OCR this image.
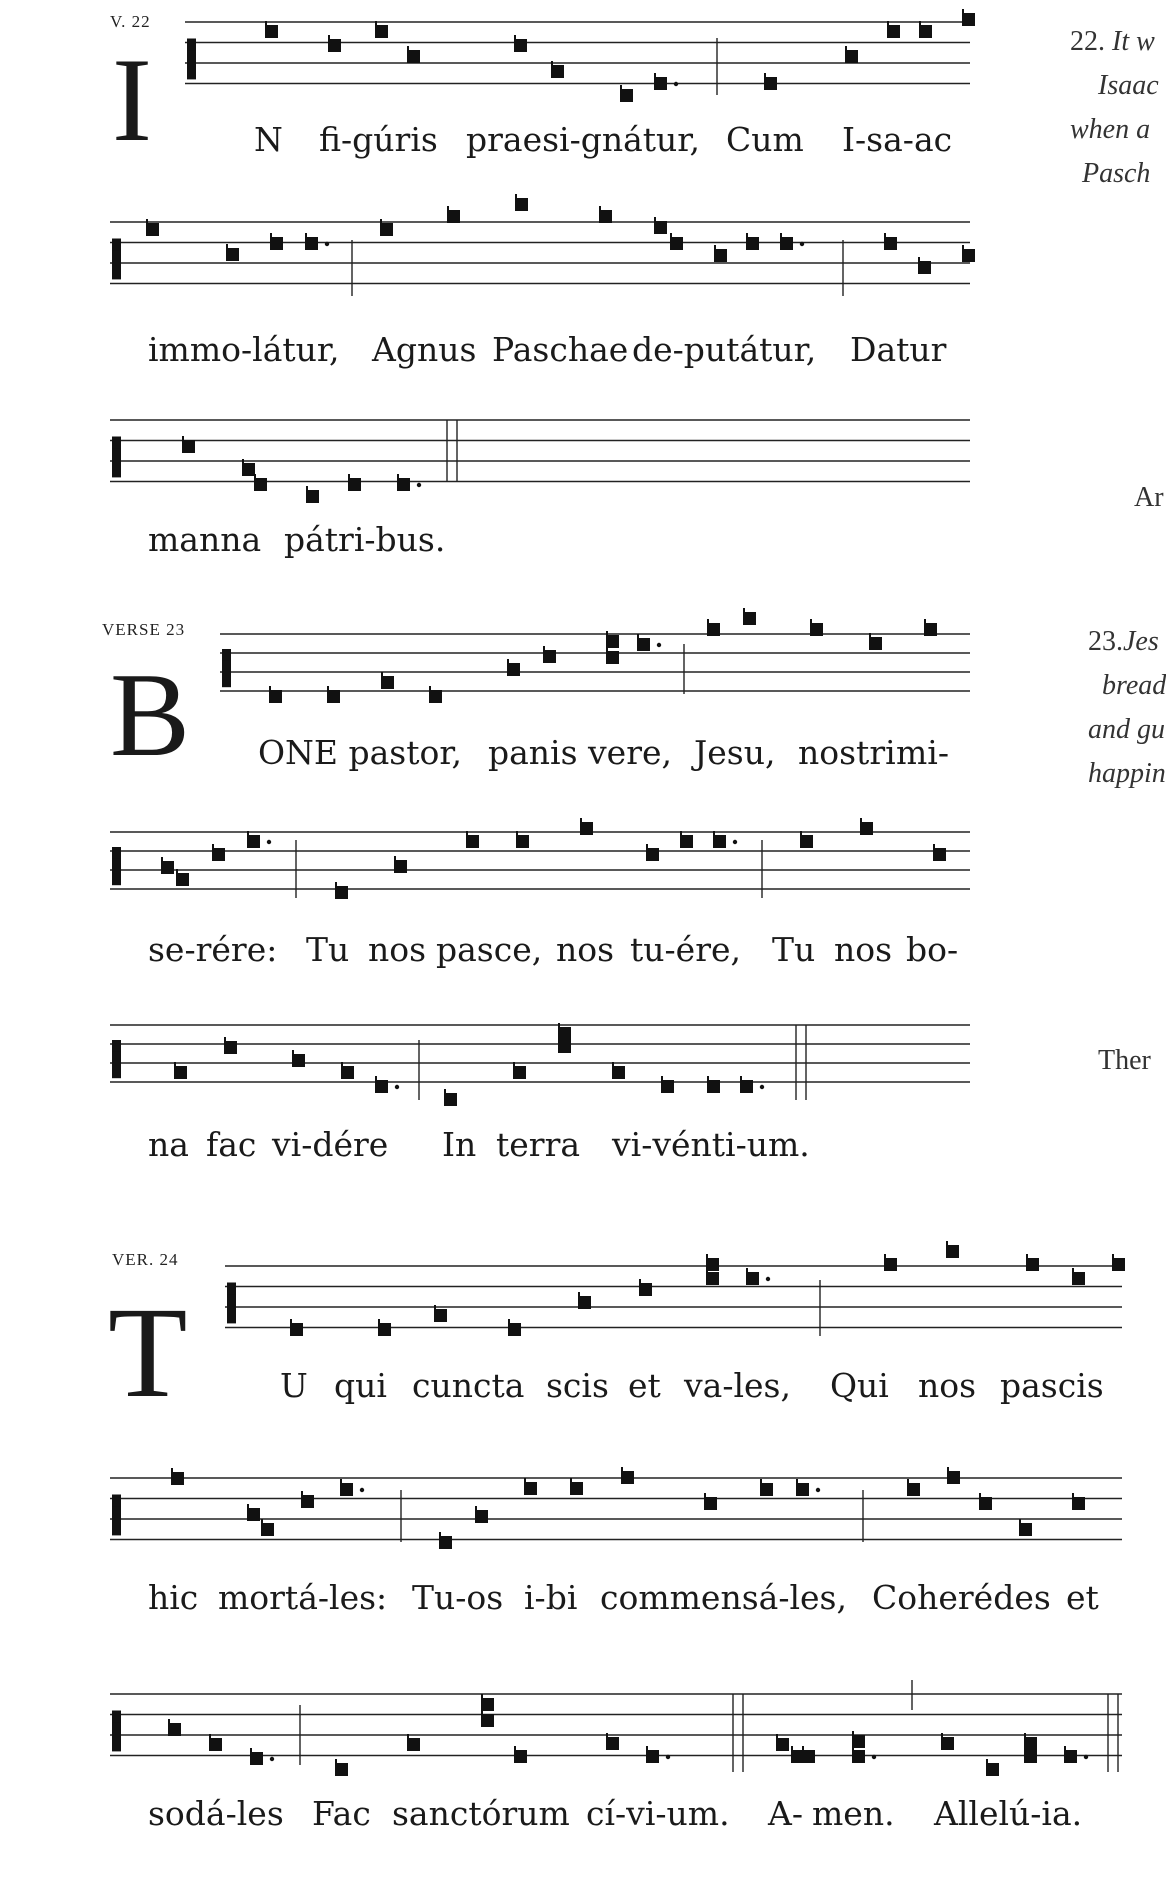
V. 22
I
VERSE 23
B
VER. 24
T
N fi-gúris praesi-gnátur, Cum I-sa-ac
immo-látur, Agnus Paschae de-putátur, Datur
manna pátri-bus.
ONE pastor, panis vere, Jesu, nostri mi-
se-rére: Tu nos pasce, nos tu-ére, Tu nos bo-
na fac vi-dére In terra vi-vénti-um.
U qui cuncta scis et va-les, Qui nos pascis
hic mortá-les: Tu-os i-bi commensá-les, Coherédes et
sodá-les Fac sanctórum cí-vi-um. A- men. Allelú-ia.
22. It w
Isaac
when a
Pasch
Ar
23.Jes
bread
and gu
happin
Ther
